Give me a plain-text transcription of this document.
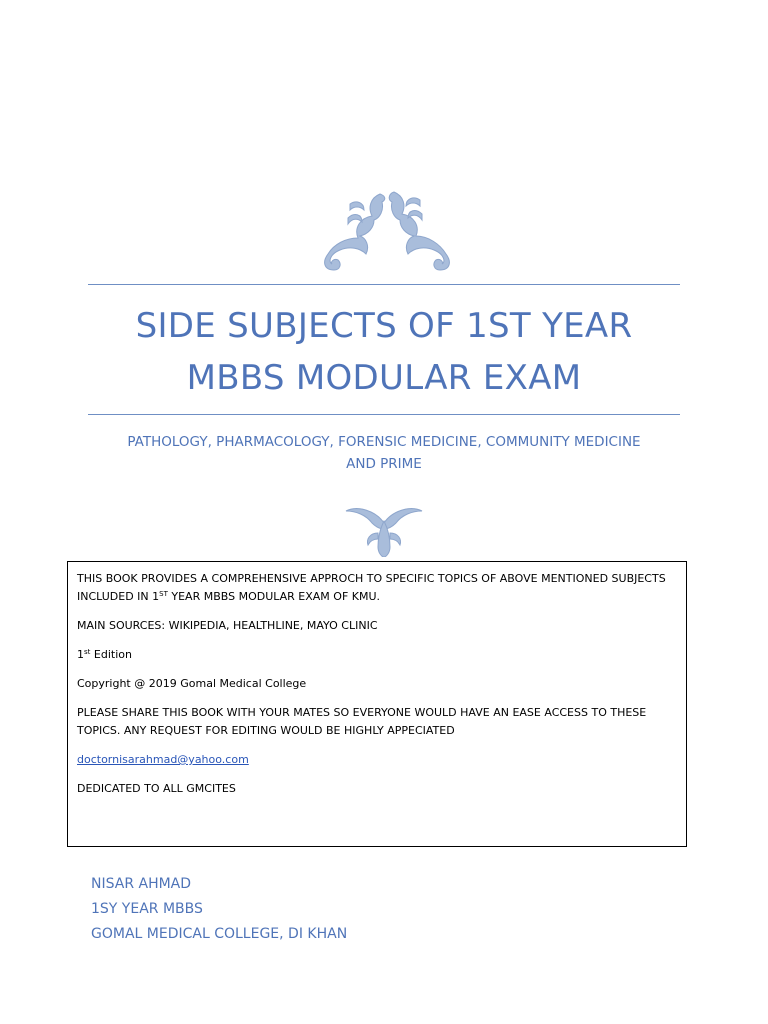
SIDE SUBJECTS OF 1ST YEAR
MBBS MODULAR EXAM
PATHOLOGY, PHARMACOLOGY, FORENSIC MEDICINE, COMMUNITY MEDICINE
AND PRIME

THIS BOOK PROVIDES A COMPREHENSIVE APPROCH TO SPECIFIC TOPICS OF ABOVE MENTIONED SUBJECTS INCLUDED IN 1ST YEAR MBBS MODULAR EXAM OF KMU.

MAIN SOURCES: WIKIPEDIA, HEALTHLINE, MAYO CLINIC

1st Edition

Copyright @ 2019 Gomal Medical College

PLEASE SHARE THIS BOOK WITH YOUR MATES SO EVERYONE WOULD HAVE AN EASE ACCESS TO THESE TOPICS. ANY REQUEST FOR EDITING WOULD BE HIGHLY APPECIATED

doctornisarahmad@yahoo.com

DEDICATED TO ALL GMCITES

NISAR AHMAD
1SY YEAR MBBS
GOMAL MEDICAL COLLEGE, DI KHAN
